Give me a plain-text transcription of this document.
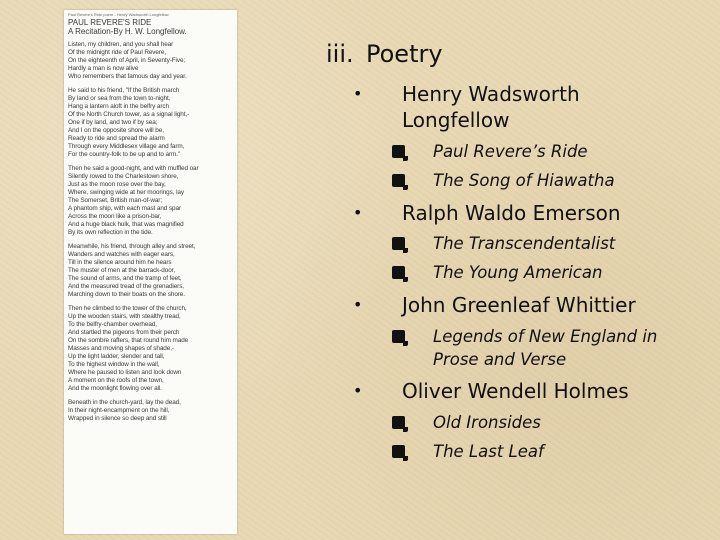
Paul Revere's Ride poem - Henry Wadsworth Longfellow
PAUL REVERE'S RIDE
A Recitation-By H. W. Longfellow.
Listen, my children, and you shall hear
Of the midnight ride of Paul Revere,
On the eighteenth of April, in Seventy-Five;
Hardly a man is now alive
Who remembers that famous day and year.
He said to his friend, "If the British march
By land or sea from the town to-night,
Hang a lantern aloft in the belfry arch
Of the North Church tower, as a signal light,-
One if by land, and two if by sea;
And I on the opposite shore will be,
Ready to ride and spread the alarm
Through every Middlesex village and farm,
For the country-folk to be up and to arm."
Then he said a good-night, and with muffled oar
Silently rowed to the Charlestown shore,
Just as the moon rose over the bay,
Where, swinging wide at her moorings, lay
The Somerset, British man-of-war;
A phantom ship, with each mast and spar
Across the moon like a prison-bar,
And a huge black hulk, that was magnified
By its own reflection in the tide.
Meanwhile, his friend, through alley and street,
Wanders and watches with eager ears,
Till in the silence around him he hears
The muster of men at the barrack-door,
The sound of arms, and the tramp of feet,
And the measured tread of the grenadiers,
Marching down to their boats on the shore.
Then he climbed to the tower of the church,
Up the wooden stairs, with stealthy tread,
To the belfry-chamber overhead,
And startled the pigeons from their perch
On the sombre rafters, that round him made
Masses and moving shapes of shade,-
Up the light ladder, slender and tall,
To the highest window in the wall,
Where he paused to listen and look down
A moment on the roofs of the town,
And the moonlight flowing over all.
Beneath in the church-yard, lay the dead,
In their night-encampment on the hill,
Wrapped in silence so deep and still
iii. Poetry
•	Henry Wadsworth
Longfellow
Paul Revere’s Ride
The Song of Hiawatha
•	Ralph Waldo Emerson
The Transcendentalist
The Young American
•	John Greenleaf Whittier
Legends of New England in Prose and Verse
•	Oliver Wendell Holmes
Old Ironsides
The Last Leaf
